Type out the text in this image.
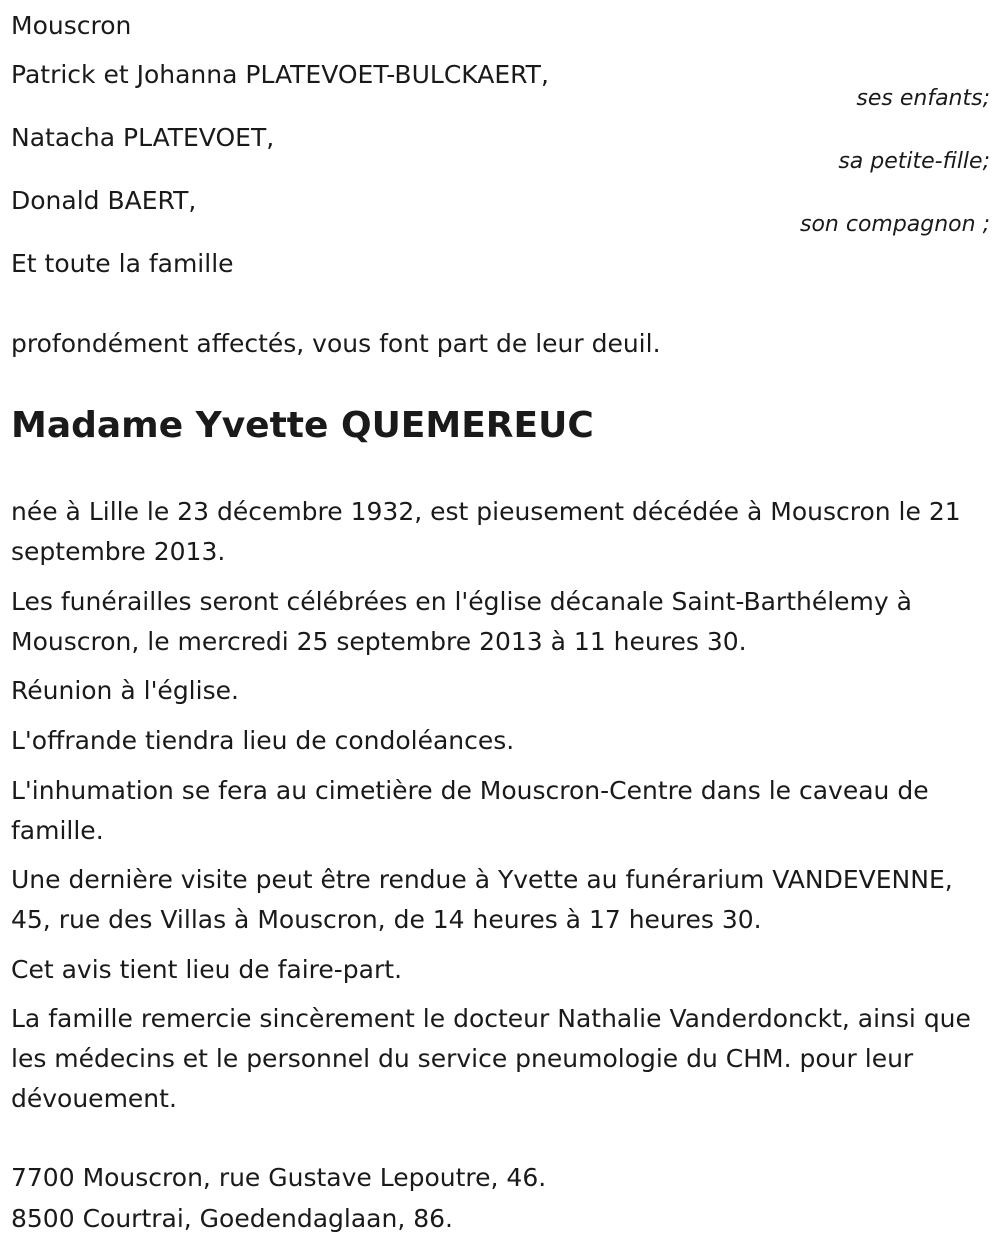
Mouscron
Patrick et Johanna PLATEVOET-BULCKAERT,
ses enfants;
Natacha PLATEVOET,
sa petite-fille;
Donald BAERT,
son compagnon ;
Et toute la famille
profondément affectés, vous font part de leur deuil.
Madame Yvette QUEMEREUC
née à Lille le 23 décembre 1932, est pieusement décédée à Mouscron le 21 septembre 2013.
Les funérailles seront célébrées en l'église décanale Saint-Barthélemy à Mouscron, le mercredi 25 septembre 2013 à 11 heures 30.
Réunion à l'église.
L'offrande tiendra lieu de condoléances.
L'inhumation se fera au cimetière de Mouscron-Centre dans le caveau de famille.
Une dernière visite peut être rendue à Yvette au funérarium VANDEVENNE, 45, rue des Villas à Mouscron, de 14 heures à 17 heures 30.
Cet avis tient lieu de faire-part.
La famille remercie sincèrement le docteur Nathalie Vanderdonckt, ainsi que les médecins et le personnel du service pneumologie du CHM. pour leur dévouement.
7700 Mouscron, rue Gustave Lepoutre, 46.
8500 Courtrai, Goedendaglaan, 86.
